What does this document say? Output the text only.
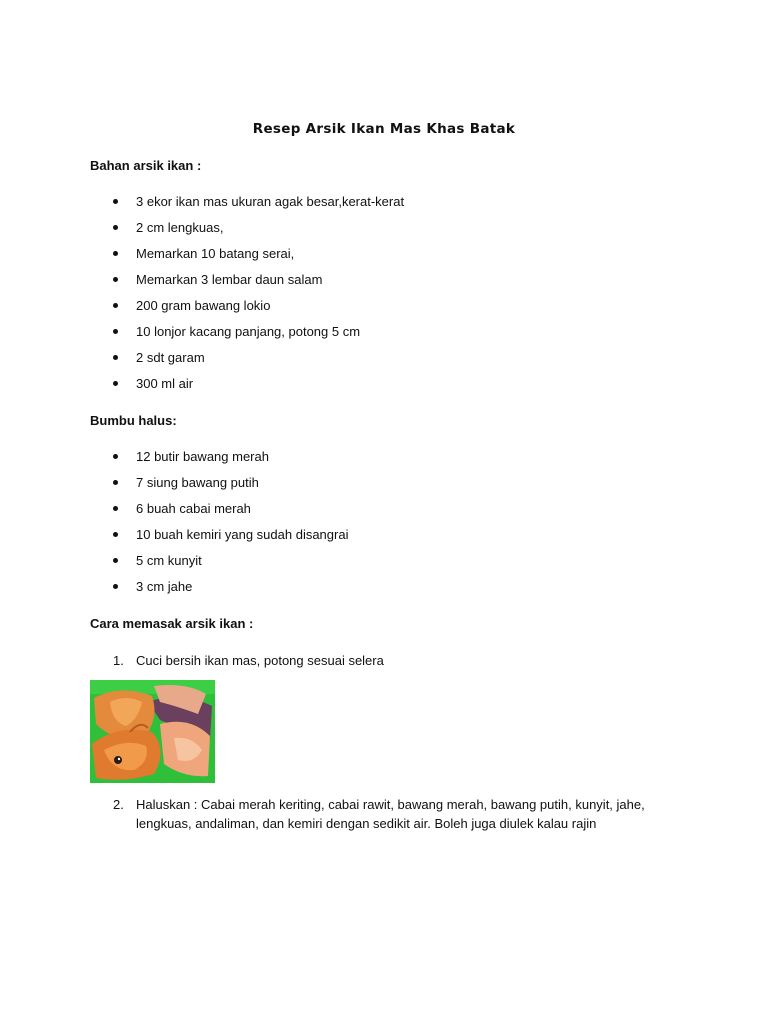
Resep Arsik Ikan Mas Khas Batak
Bahan arsik ikan :
3 ekor ikan mas ukuran agak besar,kerat-kerat
2 cm lengkuas,
Memarkan 10 batang serai,
Memarkan 3 lembar daun salam
200 gram bawang lokio
10 lonjor kacang panjang, potong 5 cm
2 sdt garam
300 ml air
Bumbu halus:
12 butir bawang merah
7 siung bawang putih
6 buah cabai merah
10 buah kemiri yang sudah disangrai
5 cm kunyit
3 cm jahe
Cara memasak arsik ikan :
1. Cuci bersih ikan mas, potong sesuai selera
2. Haluskan : Cabai merah keriting, cabai rawit, bawang merah, bawang putih, kunyit, jahe, lengkuas, andaliman, dan kemiri dengan sedikit air. Boleh juga diulek kalau rajin
